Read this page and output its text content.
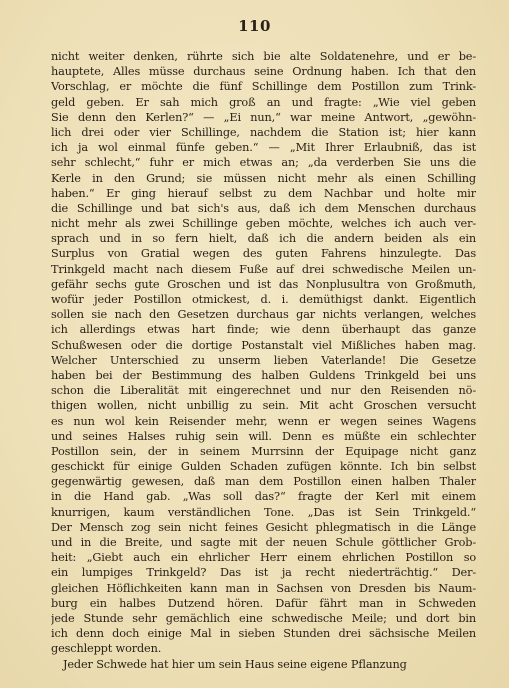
110
nicht weiter denken, rührte sich bie alte Soldatenehre, und er be-
hauptete, Alles müsse durchaus seine Ordnung haben. Ich that den
Vorschlag, er möchte die fünf Schillinge dem Postillon zum Trink-
geld geben. Er sah mich groß an und fragte: „Wie viel geben
Sie denn den Kerlen?“ — „Ei nun,“ war meine Antwort, „gewöhn-
lich drei oder vier Schillinge, nachdem die Station ist; hier kann
ich ja wol einmal fünfe geben.“ — „Mit Ihrer Erlaubniß, das ist
sehr schlecht,“ fuhr er mich etwas an; „da verderben Sie uns die
Kerle in den Grund; sie müssen nicht mehr als einen Schilling
haben.“ Er ging hierauf selbst zu dem Nachbar und holte mir
die Schillinge und bat sich's aus, daß ich dem Menschen durchaus
nicht mehr als zwei Schillinge geben möchte, welches ich auch ver-
sprach und in so fern hielt, daß ich die andern beiden als ein
Surplus von Gratial wegen des guten Fahrens hinzulegte. Das
Trinkgeld macht nach diesem Fuße auf drei schwedische Meilen un-
gefähr sechs gute Groschen und ist das Nonplusultra von Großmuth,
wofür jeder Postillon otmickest, d. i. demüthigst dankt. Eigentlich
sollen sie nach den Gesetzen durchaus gar nichts verlangen, welches
ich allerdings etwas hart finde; wie denn überhaupt das ganze
Schußwesen oder die dortige Postanstalt viel Mißliches haben mag.
Welcher Unterschied zu unserm lieben Vaterlande! Die Gesetze
haben bei der Bestimmung des halben Guldens Trinkgeld bei uns
schon die Liberalität mit eingerechnet und nur den Reisenden nö-
thigen wollen, nicht unbillig zu sein. Mit acht Groschen versucht
es nun wol kein Reisender mehr, wenn er wegen seines Wagens
und seines Halses ruhig sein will. Denn es müßte ein schlechter
Postillon sein, der in seinem Murrsinn der Equipage nicht ganz
geschickt für einige Gulden Schaden zufügen könnte. Ich bin selbst
gegenwärtig gewesen, daß man dem Postillon einen halben Thaler
in die Hand gab. „Was soll das?“ fragte der Kerl mit einem
knurrigen, kaum verständlichen Tone. „Das ist Sein Trinkgeld.“
Der Mensch zog sein nicht feines Gesicht phlegmatisch in die Länge
und in die Breite, und sagte mit der neuen Schule göttlicher Grob-
heit: „Giebt auch ein ehrlicher Herr einem ehrlichen Postillon so
ein lumpiges Trinkgeld? Das ist ja recht niederträchtig.“ Der-
gleichen Höflichkeiten kann man in Sachsen von Dresden bis Naum-
burg ein halbes Dutzend hören. Dafür fährt man in Schweden
jede Stunde sehr gemächlich eine schwedische Meile; und dort bin
ich denn doch einige Mal in sieben Stunden drei sächsische Meilen
geschleppt worden.
Jeder Schwede hat hier um sein Haus seine eigene Pflanzung
